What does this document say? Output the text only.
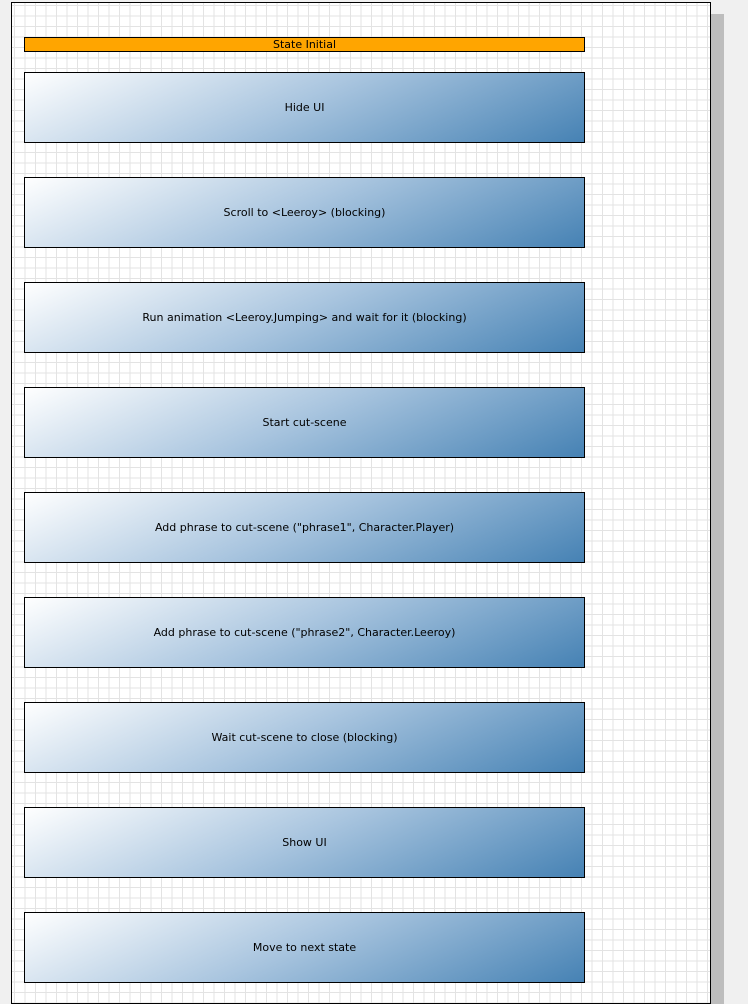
State Initial
Hide UI
Scroll to <Leeroy> (blocking)
Run animation <Leeroy.Jumping> and wait for it (blocking)
Start cut-scene
Add phrase to cut-scene ("phrase1", Character.Player)
Add phrase to cut-scene ("phrase2", Character.Leeroy)
Wait cut-scene to close (blocking)
Show UI
Move to next state
